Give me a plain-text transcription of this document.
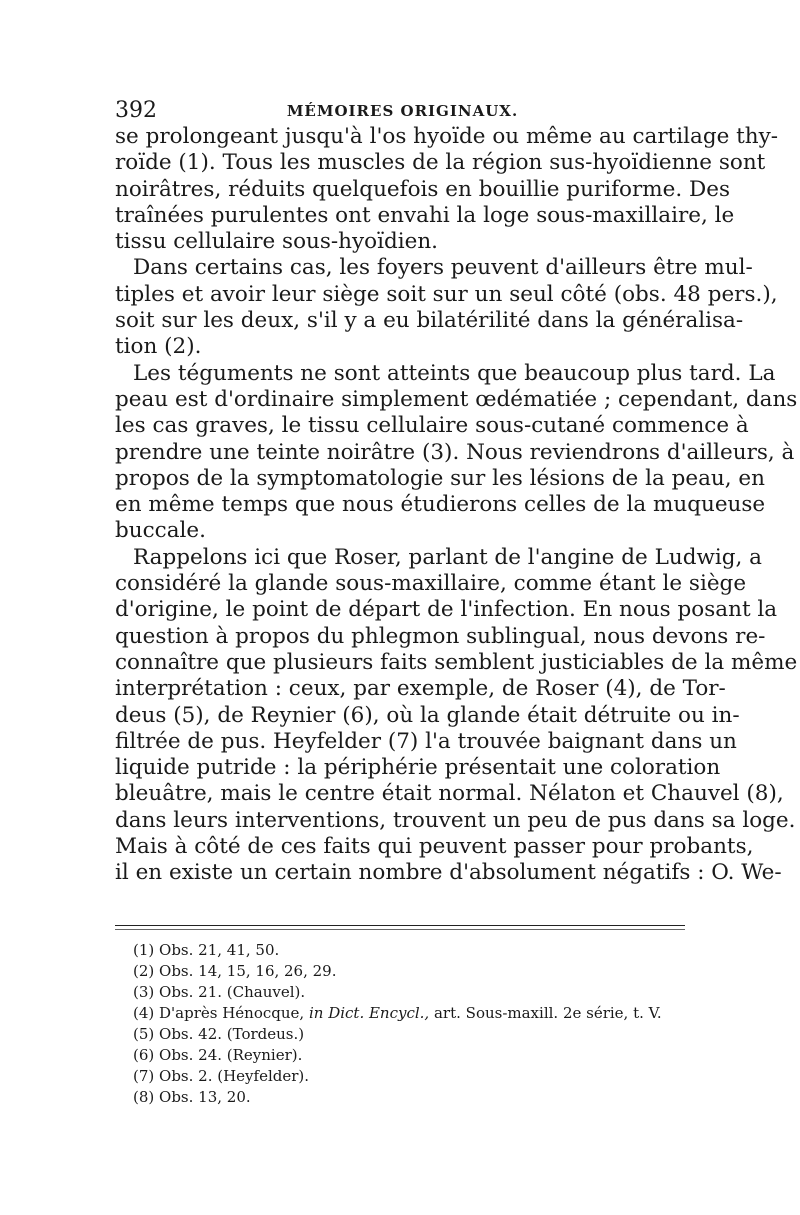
392	MÉMOIRES ORIGINAUX.
se prolongeant jusqu'à l'os hyoïde ou même au cartilage thy-
roïde (1). Tous les muscles de la région sus-hyoïdienne sont
noirâtres, réduits quelquefois en bouillie puriforme. Des
traînées purulentes ont envahi la loge sous-maxillaire, le
tissu cellulaire sous-hyoïdien.
Dans certains cas, les foyers peuvent d'ailleurs être mul-
tiples et avoir leur siège soit sur un seul côté (obs. 48 pers.),
soit sur les deux, s'il y a eu bilatérilité dans la généralisa-
tion (2).
Les téguments ne sont atteints que beaucoup plus tard. La
peau est d'ordinaire simplement œdématiée ; cependant, dans
les cas graves, le tissu cellulaire sous-cutané commence à
prendre une teinte noirâtre (3). Nous reviendrons d'ailleurs, à
propos de la symptomatologie sur les lésions de la peau, en
en même temps que nous étudierons celles de la muqueuse
buccale.
Rappelons ici que Roser, parlant de l'angine de Ludwig, a
considéré la glande sous-maxillaire, comme étant le siège
d'origine, le point de départ de l'infection. En nous posant la
question à propos du phlegmon sublingual, nous devons re-
connaître que plusieurs faits semblent justiciables de la même
interprétation : ceux, par exemple, de Roser (4), de Tor-
deus (5), de Reynier (6), où la glande était détruite ou in-
filtrée de pus. Heyfelder (7) l'a trouvée baignant dans un
liquide putride : la périphérie présentait une coloration
bleuâtre, mais le centre était normal. Nélaton et Chauvel (8),
dans leurs interventions, trouvent un peu de pus dans sa loge.
Mais à côté de ces faits qui peuvent passer pour probants,
il en existe un certain nombre d'absolument négatifs : O. We-
(1) Obs. 21, 41, 50.
(2) Obs. 14, 15, 16, 26, 29.
(3) Obs. 21. (Chauvel).
(4) D'après Hénocque, in Dict. Encycl., art. Sous-maxill. 2e série, t. V.
(5) Obs. 42. (Tordeus.)
(6) Obs. 24. (Reynier).
(7) Obs. 2. (Heyfelder).
(8) Obs. 13, 20.
